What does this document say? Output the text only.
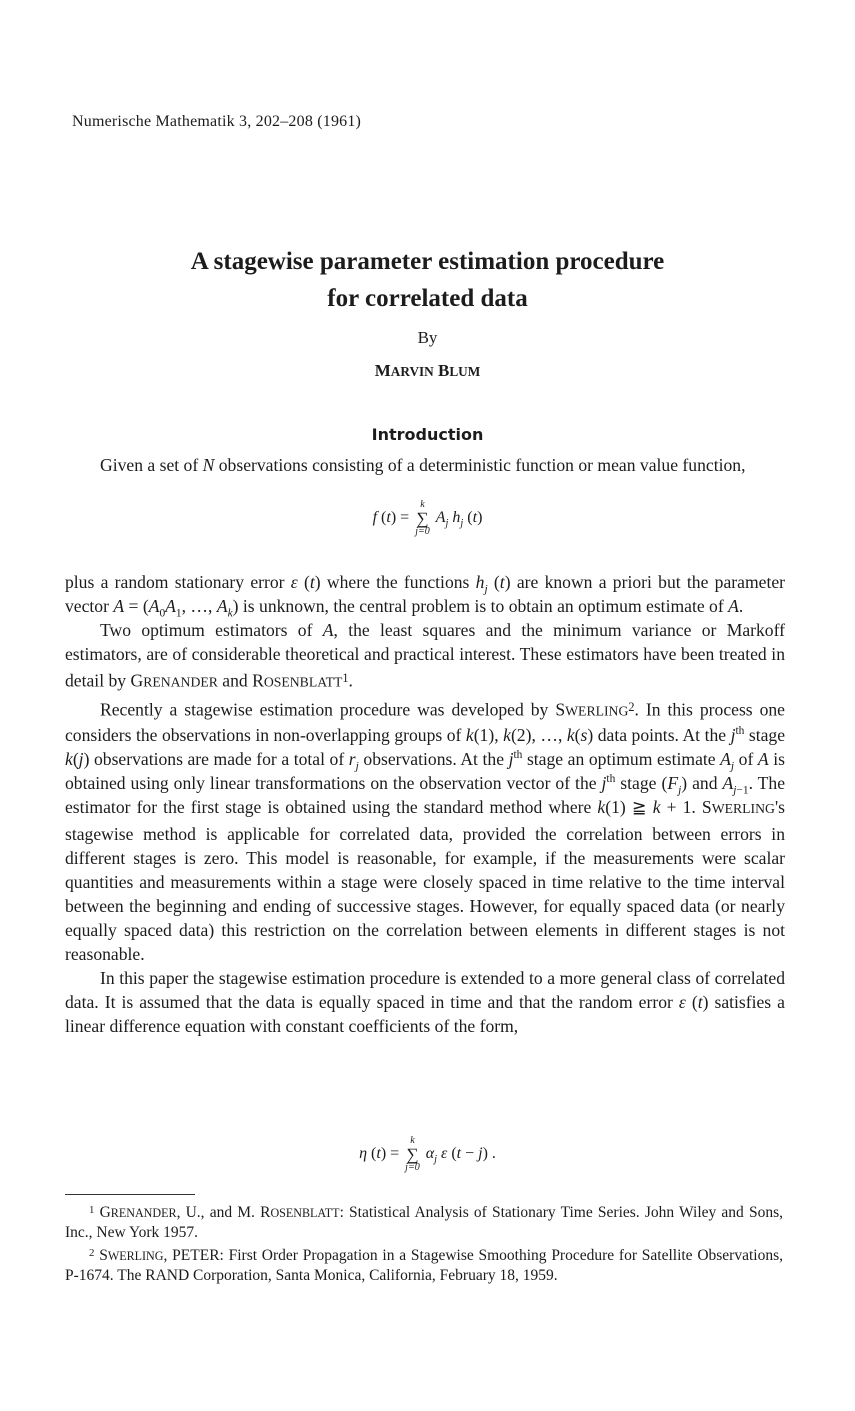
Numerische Mathematik 3, 202–208 (1961)
A stagewise parameter estimation procedure
for correlated data
By
MARVIN BLUM
Introduction

Given a set of N observations consisting of a deterministic function or mean value function,

f (t) =
k
∑
j=0
$A_j$ $h_j$ (t)

plus a random stationary error ε (t) where the functions $h_j$ (t) are known a priori but the parameter vector $A = (A_0A_1$, …, $A_k$) is unknown, the central problem is to obtain an optimum estimate of A.

Two optimum estimators of A, the least squares and the minimum variance or Markoff estimators, are of considerable theoretical and practical interest. These estimators have been treated in detail by GRENANDER and ROSENBLATT$^1$.

Recently a stagewise estimation procedure was developed by SWERLING$^2$. In this process one considers the observations in non-overlapping groups of k(1), k(2), …, k(s) data points. At the $j^{th}$ stage k(j) observations are made for a total of $r_j$ observations. At the $j^{th}$ stage an optimum estimate $A_j$ of A is obtained using only linear transformations on the observation vector of the $j^{th}$ stage $(F_j)$ and $A_{j-1}$. The estimator for the first stage is obtained using the standard method where k(1) ≧ k + 1. SWERLING's stagewise method is applicable for correlated data, provided the correlation between errors in different stages is zero. This model is reasonable, for example, if the measurements were scalar quantities and measurements within a stage were closely spaced in time relative to the time interval between the beginning and ending of successive stages. However, for equally spaced data (or nearly equally spaced data) this restriction on the correlation between elements in different stages is not reasonable.

In this paper the stagewise estimation procedure is extended to a more general class of correlated data. It is assumed that the data is equally spaced in time and that the random error ε (t) satisfies a linear difference equation with constant coefficients of the form,

η (t) =
k
∑
j=0
$\alpha_j$ ε (t − j) .

$^1$ GRENANDER, U., and M. ROSENBLATT: Statistical Analysis of Stationary Time Series. John Wiley and Sons, Inc., New York 1957.

$^2$ SWERLING, PETER: First Order Propagation in a Stagewise Smoothing Procedure for Satellite Observations, P-1674. The RAND Corporation, Santa Monica, California, February 18, 1959.
